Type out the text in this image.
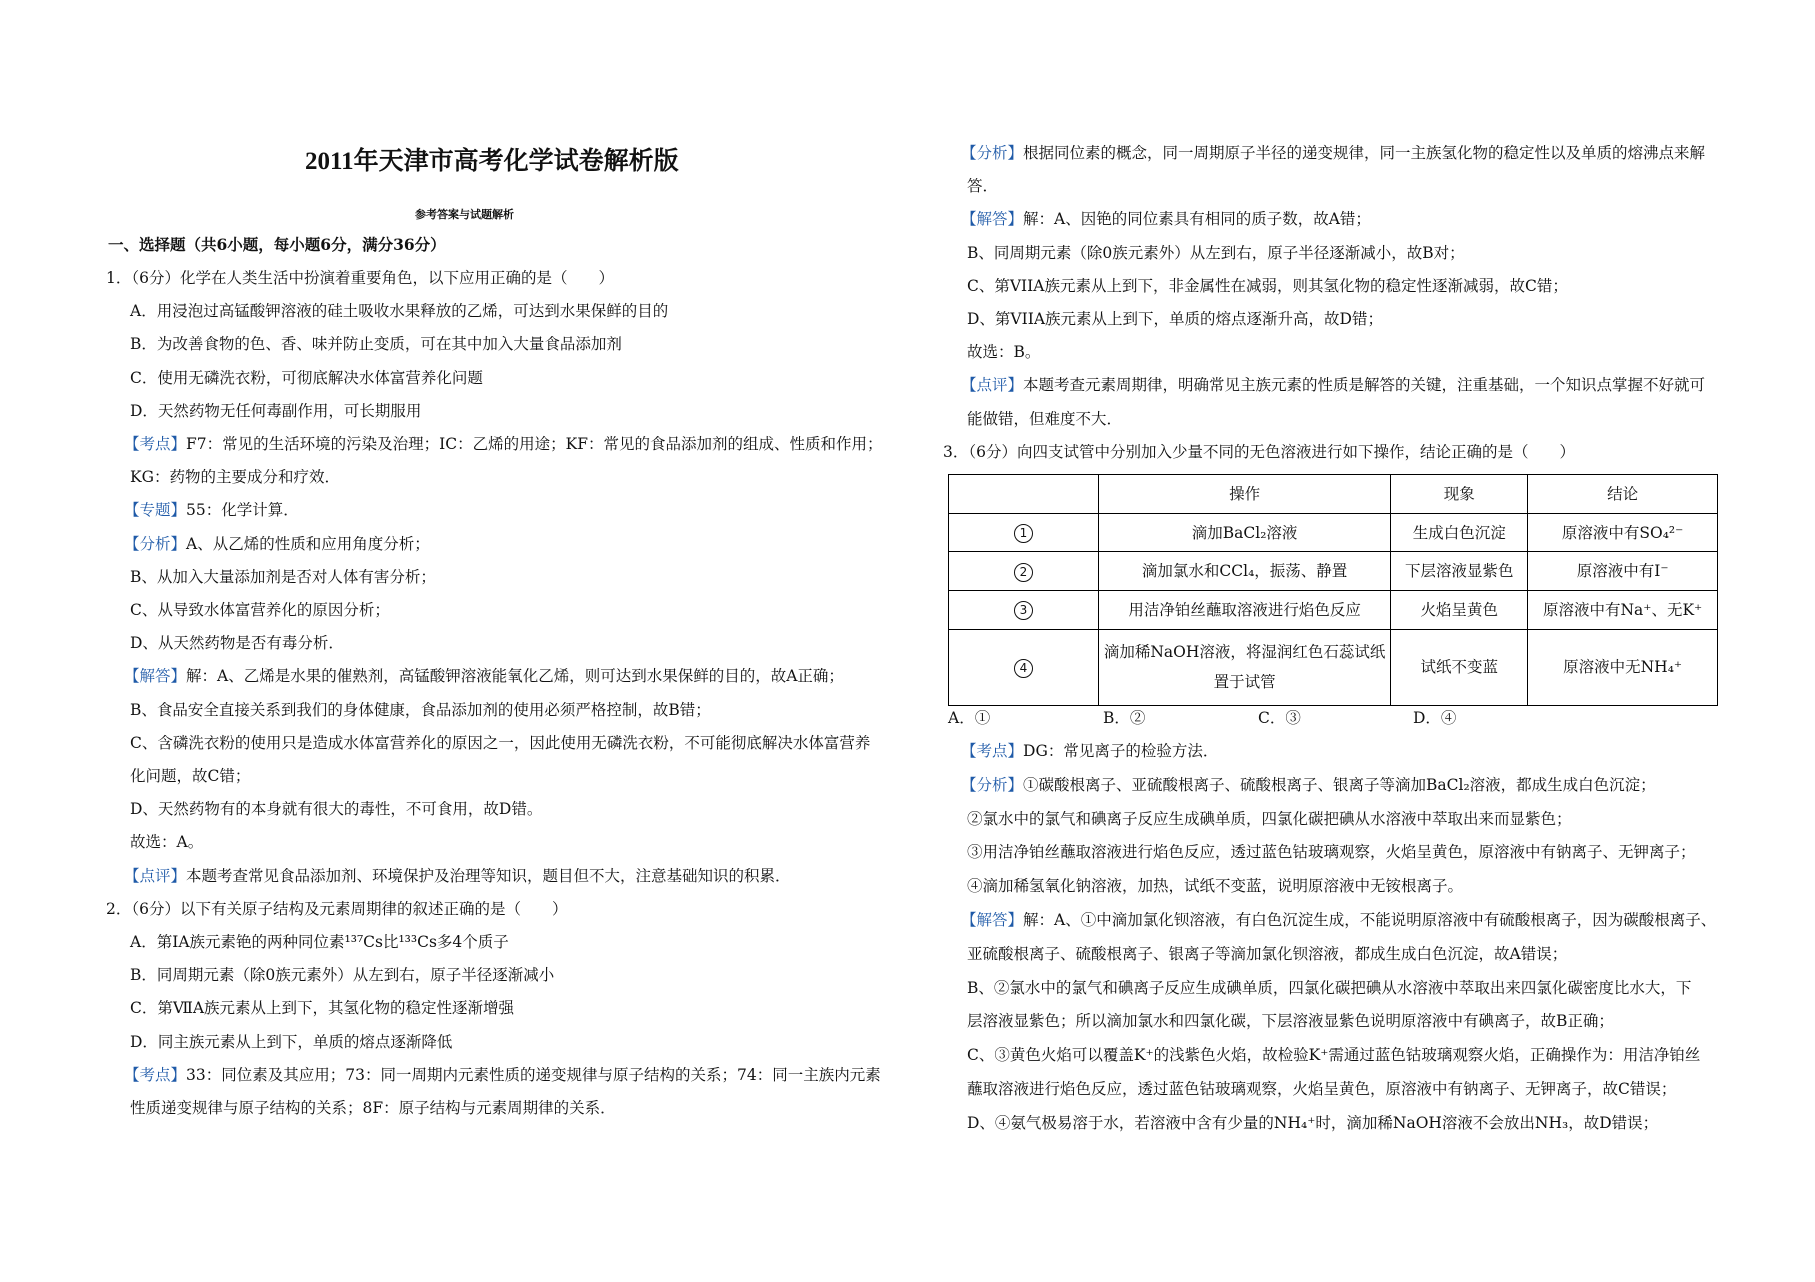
2011年天津市高考化学试卷解析版
参考答案与试题解析
一、选择题（共6小题，每小题6分，满分36分）
1．（6分）化学在人类生活中扮演着重要角色，以下应用正确的是（　　）
A．用浸泡过高锰酸钾溶液的硅土吸收水果释放的乙烯，可达到水果保鲜的目的
B．为改善食物的色、香、味并防止变质，可在其中加入大量食品添加剂
C．使用无磷洗衣粉，可彻底解决水体富营养化问题
D．天然药物无任何毒副作用，可长期服用
【考点】F7：常见的生活环境的污染及治理；IC：乙烯的用途；KF：常见的食品添加剂的组成、性质和作用；
KG：药物的主要成分和疗效．
【专题】55：化学计算．
【分析】A、从乙烯的性质和应用角度分析；
B、从加入大量添加剂是否对人体有害分析；
C、从导致水体富营养化的原因分析；
D、从天然药物是否有毒分析．
【解答】解：A、乙烯是水果的催熟剂，高锰酸钾溶液能氧化乙烯，则可达到水果保鲜的目的，故A正确；
B、食品安全直接关系到我们的身体健康，食品添加剂的使用必须严格控制，故B错；
C、含磷洗衣粉的使用只是造成水体富营养化的原因之一，因此使用无磷洗衣粉，不可能彻底解决水体富营养
化问题，故C错；
D、天然药物有的本身就有很大的毒性，不可食用，故D错。
故选：A。
【点评】本题考查常见食品添加剂、环境保护及治理等知识，题目但不大，注意基础知识的积累．
2．（6分）以下有关原子结构及元素周期律的叙述正确的是（　　）
A．第IA族元素铯的两种同位素¹³⁷Cs比¹³³Cs多4个质子
B．同周期元素（除0族元素外）从左到右，原子半径逐渐减小
C．第ⅦA族元素从上到下，其氢化物的稳定性逐渐增强
D．同主族元素从上到下，单质的熔点逐渐降低
【考点】33：同位素及其应用；73：同一周期内元素性质的递变规律与原子结构的关系；74：同一主族内元素
性质递变规律与原子结构的关系；8F：原子结构与元素周期律的关系．
【分析】根据同位素的概念，同一周期原子半径的递变规律，同一主族氢化物的稳定性以及单质的熔沸点来解
答．
【解答】解：A、因铯的同位素具有相同的质子数，故A错；
B、同周期元素（除0族元素外）从左到右，原子半径逐渐减小，故B对；
C、第VIIA族元素从上到下，非金属性在减弱，则其氢化物的稳定性逐渐减弱，故C错；
D、第VIIA族元素从上到下，单质的熔点逐渐升高，故D错；
故选：B。
【点评】本题考查元素周期律，明确常见主族元素的性质是解答的关键，注重基础，一个知识点掌握不好就可
能做错，但难度不大．
3．（6分）向四支试管中分别加入少量不同的无色溶液进行如下操作，结论正确的是（　　）
【考点】DG：常见离子的检验方法．
【分析】①碳酸根离子、亚硫酸根离子、硫酸根离子、银离子等滴加BaCl₂溶液，都成生成白色沉淀；
②氯水中的氯气和碘离子反应生成碘单质，四氯化碳把碘从水溶液中萃取出来而显紫色；
③用洁净铂丝蘸取溶液进行焰色反应，透过蓝色钴玻璃观察，火焰呈黄色，原溶液中有钠离子、无钾离子；
④滴加稀氢氧化钠溶液，加热，试纸不变蓝，说明原溶液中无铵根离子。
【解答】解：A、①中滴加氯化钡溶液，有白色沉淀生成，不能说明原溶液中有硫酸根离子，因为碳酸根离子、
亚硫酸根离子、硫酸根离子、银离子等滴加氯化钡溶液，都成生成白色沉淀，故A错误；
B、②氯水中的氯气和碘离子反应生成碘单质，四氯化碳把碘从水溶液中萃取出来四氯化碳密度比水大，下
层溶液显紫色；所以滴加氯水和四氯化碳，下层溶液显紫色说明原溶液中有碘离子，故B正确；
C、③黄色火焰可以覆盖K⁺的浅紫色火焰，故检验K⁺需通过蓝色钴玻璃观察火焰，正确操作为：用洁净铂丝
蘸取溶液进行焰色反应，透过蓝色钴玻璃观察，火焰呈黄色，原溶液中有钠离子、无钾离子，故C错误；
D、④氨气极易溶于水，若溶液中含有少量的NH₄⁺时，滴加稀NaOH溶液不会放出NH₃，故D错误；
	操作	现象	结论
1	滴加BaCl₂溶液	生成白色沉淀	原溶液中有SO₄²⁻
2	滴加氯水和CCl₄，振荡、静置	下层溶液显紫色	原溶液中有I⁻
3	用洁净铂丝蘸取溶液进行焰色反应	火焰呈黄色	原溶液中有Na⁺、无K⁺
4	滴加稀NaOH溶液，将湿润红色石蕊试纸置于试管	试纸不变蓝	原溶液中无NH₄⁺
A．①	B．②	C．③	D．④
